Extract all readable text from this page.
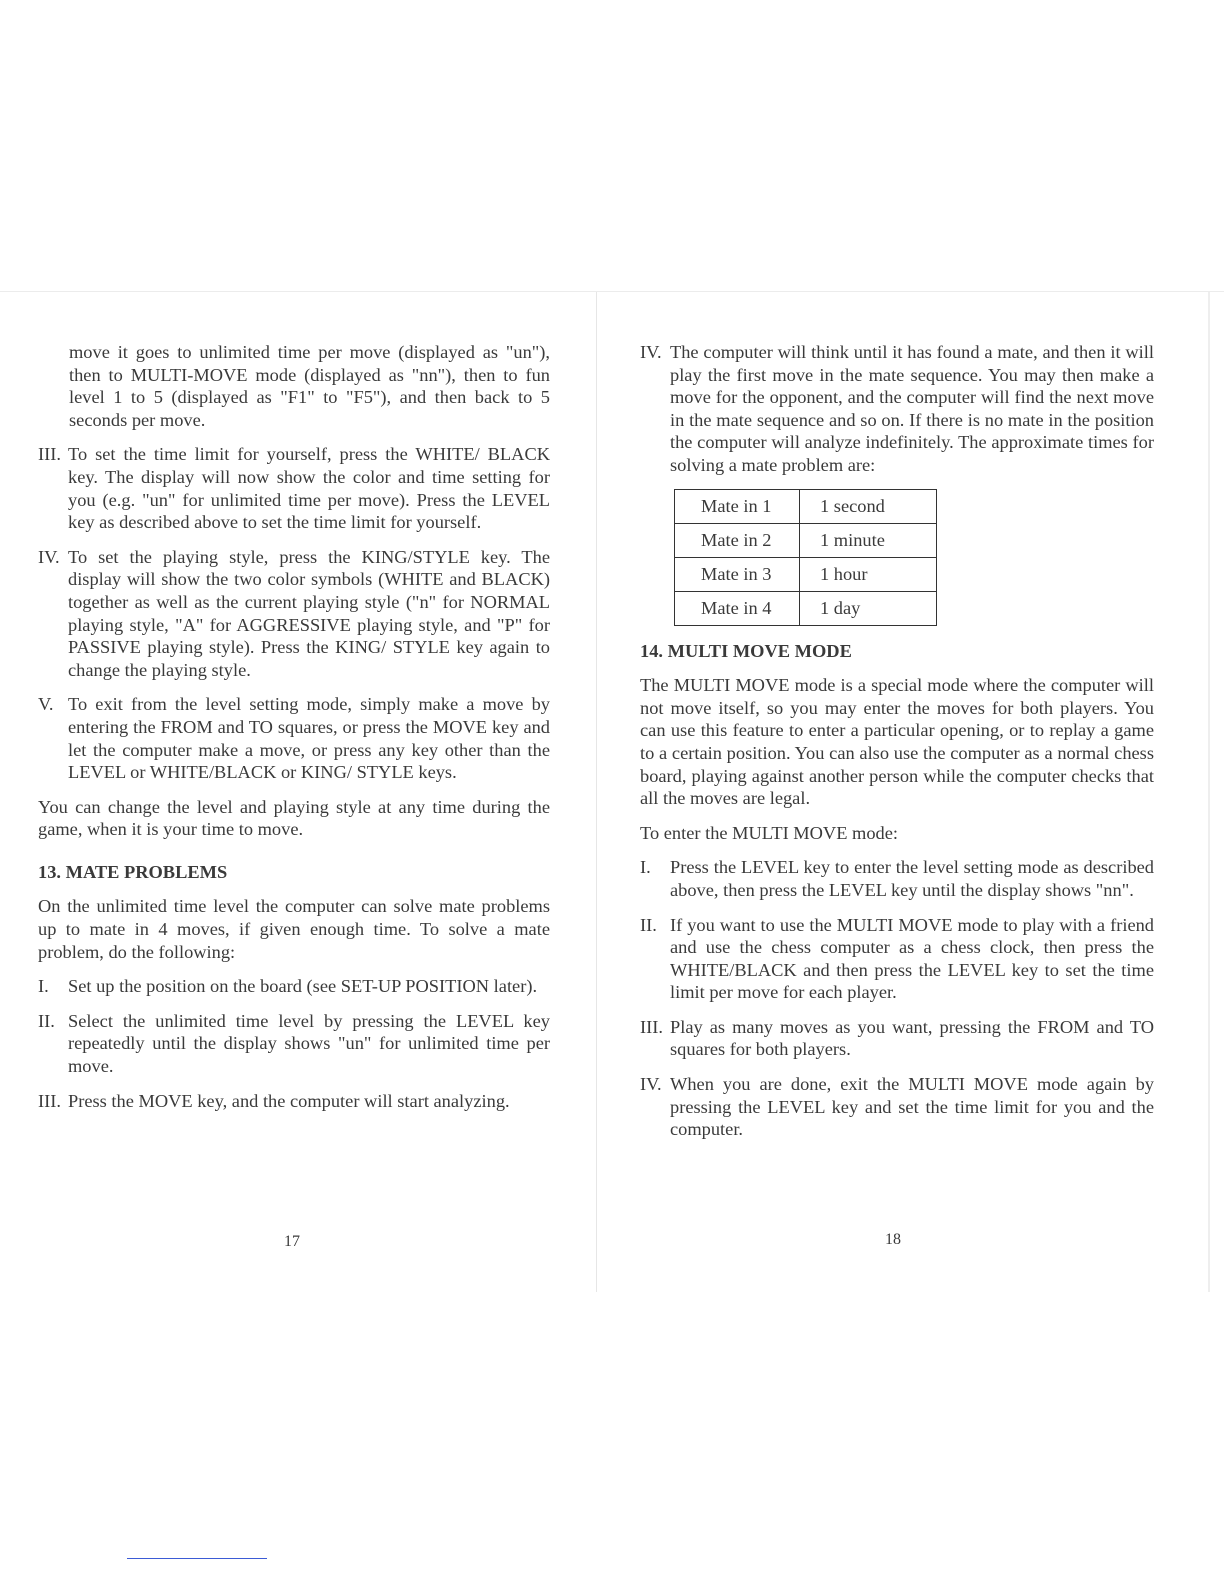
move it goes to unlimited time per move (displayed as "un"), then to MULTI-MOVE mode (displayed as "nn"), then to fun level 1 to 5 (displayed as "F1" to "F5"), and then back to 5 seconds per move.

III. To set the time limit for yourself, press the WHITE/ BLACK key. The display will now show the color and time setting for you (e.g. "un" for unlimited time per move). Press the LEVEL key as described above to set the time limit for yourself.
IV. To set the playing style, press the KING/STYLE key. The display will show the two color symbols (WHITE and BLACK) together as well as the current playing style ("n" for NORMAL playing style, "A" for AGGRESSIVE playing style, and "P" for PASSIVE playing style). Press the KING/ STYLE key again to change the playing style.
V. To exit from the level setting mode, simply make a move by entering the FROM and TO squares, or press the MOVE key and let the computer make a move, or press any key other than the LEVEL or WHITE/BLACK or KING/ STYLE keys.

You can change the level and playing style at any time during the game, when it is your time to move.

13. MATE PROBLEMS

On the unlimited time level the computer can solve mate problems up to mate in 4 moves, if given enough time. To solve a mate problem, do the following:

I.	Set up the position on the board (see SET-UP POSITION later).
II. Select the unlimited time level by pressing the LEVEL key repeatedly until the display shows "un" for unlimited time per move.
III. Press the MOVE key, and the computer will start analyzing.
17
IV. The computer will think until it has found a mate, and then it will play the first move in the mate sequence. You may then make a move for the opponent, and the computer will find the next move in the mate sequence and so on. If there is no mate in the position the computer will analyze indefinitely. The approximate times for solving a mate problem are:
Mate in 1	1 second
Mate in 2	1 minute
Mate in 3	1 hour
Mate in 4	1 day
14. MULTI MOVE MODE

The MULTI MOVE mode is a special mode where the computer will not move itself, so you may enter the moves for both players. You can use this feature to enter a particular opening, or to replay a game to a certain position. You can also use the computer as a normal chess board, playing against another person while the computer checks that all the moves are legal.

To enter the MULTI MOVE mode:

I.	Press the LEVEL key to enter the level setting mode as described above, then press the LEVEL key until the display shows "nn".
II. If you want to use the MULTI MOVE mode to play with a friend and use the chess computer as a chess clock, then press the WHITE/BLACK and then press the LEVEL key to set the time limit per move for each player.
III. Play as many moves as you want, pressing the FROM and TO squares for both players.
IV. When you are done, exit the MULTI MOVE mode again by pressing the LEVEL key and set the time limit for you and the computer.
18
